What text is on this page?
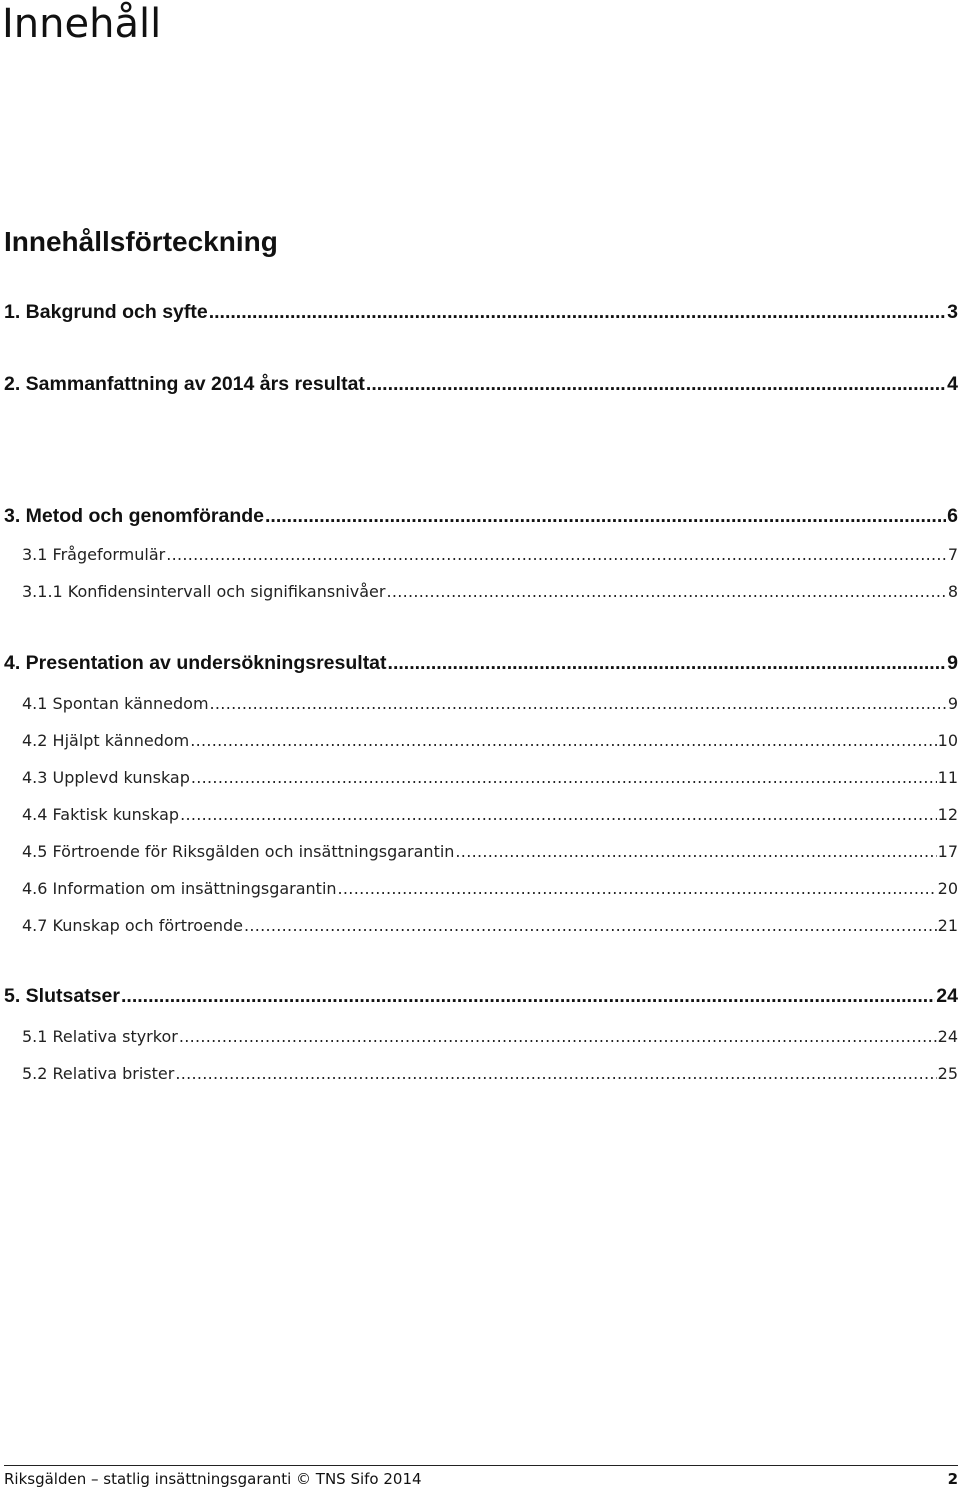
Innehåll
Innehållsförteckning
1. Bakgrund och syfte .....	3
2. Sammanfattning av 2014 års resultat .....	4
3. Metod och genomförande .....	6
3.1 Frågeformulär .....	7
3.1.1 Konfidensintervall och signifikansnivåer .....	8
4. Presentation av undersökningsresultat .....	9
4.1 Spontan kännedom .....	9
4.2 Hjälpt kännedom .....	10
4.3 Upplevd kunskap .....	11
4.4 Faktisk kunskap .....	12
4.5 Förtroende för Riksgälden och insättningsgarantin .....	17
4.6 Information om insättningsgarantin .....	20
4.7 Kunskap och förtroende .....	21
5. Slutsatser .....	24
5.1 Relativa styrkor .....	24
5.2 Relativa brister .....	25
Riksgälden – statlig insättningsgaranti © TNS Sifo 2014	2
